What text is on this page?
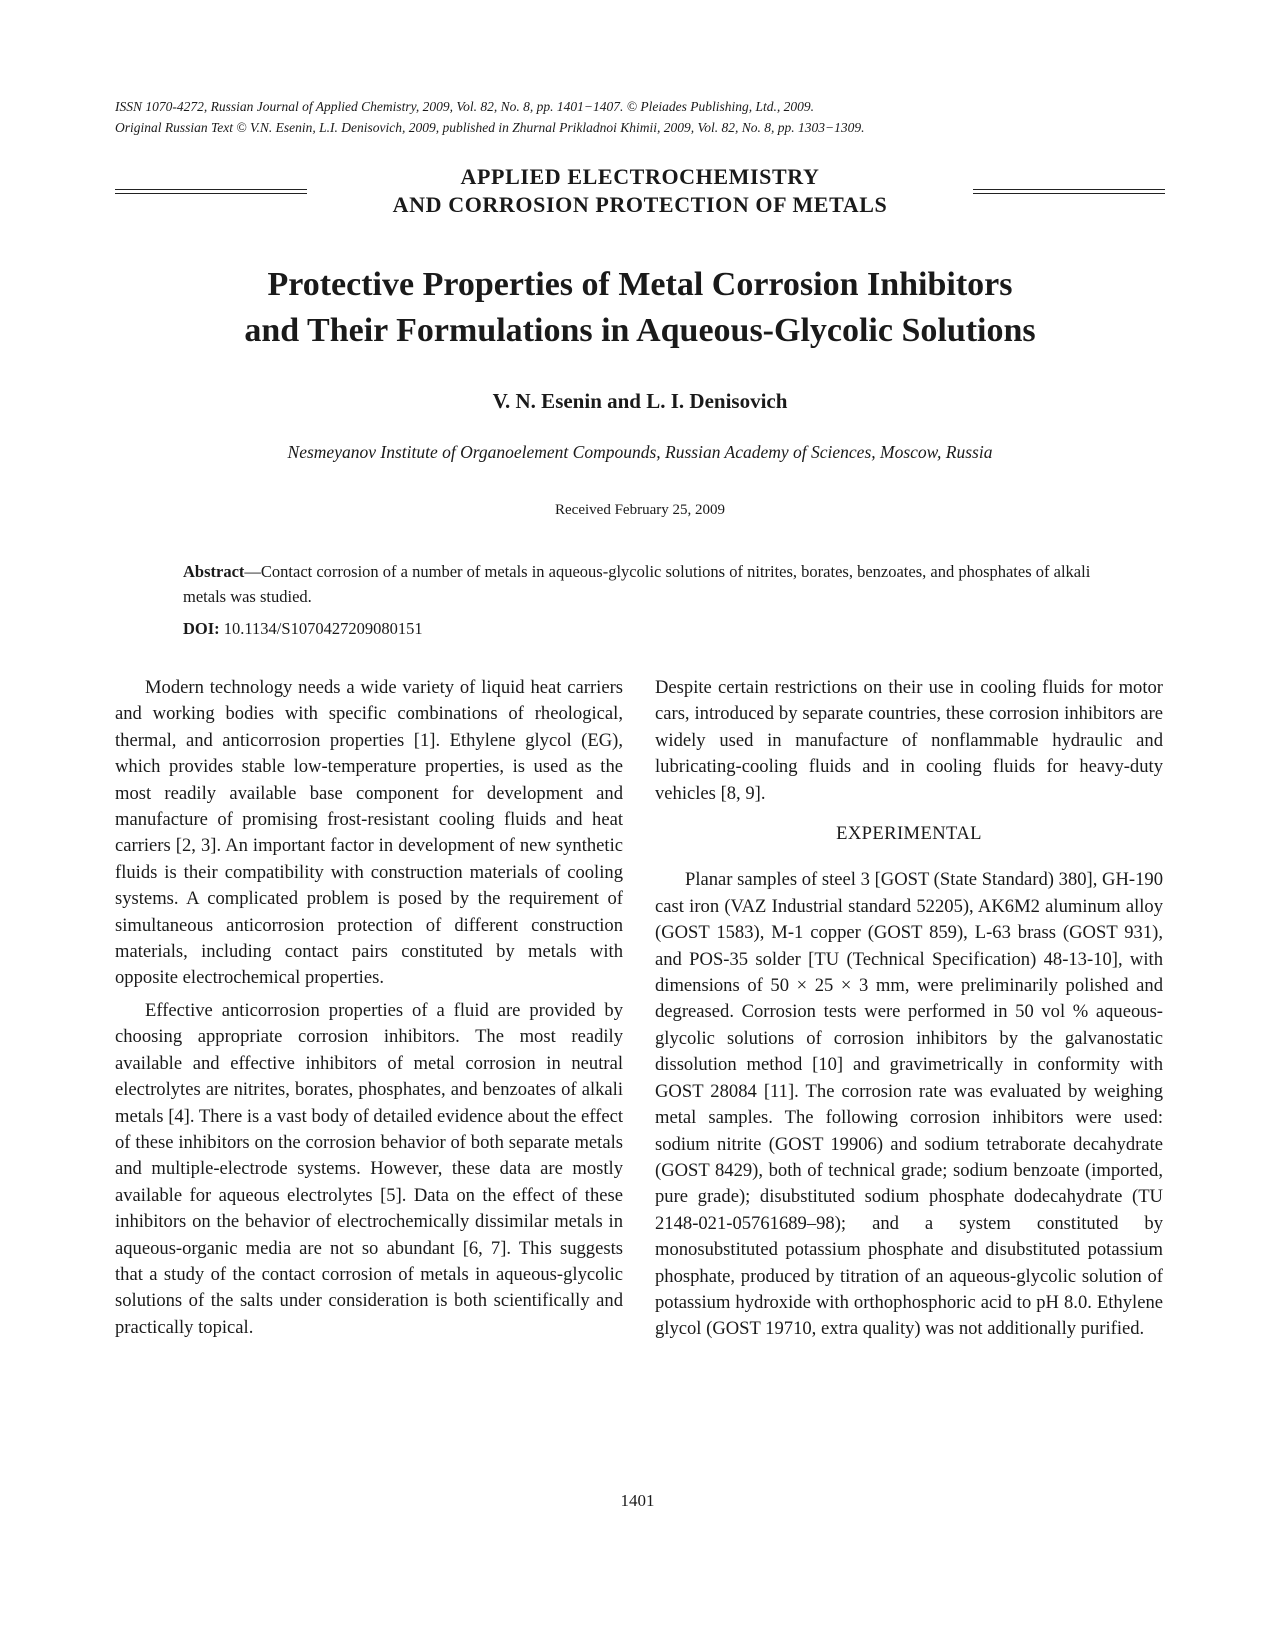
ISSN 1070-4272, Russian Journal of Applied Chemistry, 2009, Vol. 82, No. 8, pp. 1401−1407. © Pleiades Publishing, Ltd., 2009.
Original Russian Text © V.N. Esenin, L.I. Denisovich, 2009, published in Zhurnal Prikladnoi Khimii, 2009, Vol. 82, No. 8, pp. 1303−1309.
APPLIED ELECTROCHEMISTRY
AND CORROSION PROTECTION OF METALS
Protective Properties of Metal Corrosion Inhibitors
and Their Formulations in Aqueous-Glycolic Solutions
V. N. Esenin and L. I. Denisovich
Nesmeyanov Institute of Organoelement Compounds, Russian Academy of Sciences, Moscow, Russia
Received February 25, 2009
Abstract—Contact corrosion of a number of metals in aqueous-glycolic solutions of nitrites, borates, benzoates, and phosphates of alkali metals was studied.
DOI: 10.1134/S1070427209080151

Modern technology needs a wide variety of liquid heat carriers and working bodies with specific combinations of rheological, thermal, and anticorrosion properties [1]. Ethylene glycol (EG), which provides stable low-temperature properties, is used as the most readily available base component for development and manufacture of promising frost-resistant cooling fluids and heat carriers [2, 3]. An important factor in development of new synthetic fluids is their compatibility with construction materials of cooling systems. A complicated problem is posed by the requirement of simultaneous anticorrosion protection of different construction materials, including contact pairs constituted by metals with opposite electrochemical properties.

Effective anticorrosion properties of a fluid are provided by choosing appropriate corrosion inhibitors. The most readily available and effective inhibitors of metal corrosion in neutral electrolytes are nitrites, borates, phosphates, and benzoates of alkali metals [4]. There is a vast body of detailed evidence about the effect of these inhibitors on the corrosion behavior of both separate metals and multiple-electrode systems. However, these data are mostly available for aqueous electrolytes [5]. Data on the effect of these inhibitors on the behavior of electrochemically dissimilar metals in aqueous-organic media are not so abundant [6, 7]. This suggests that a study of the contact corrosion of metals in aqueous-glycolic solutions of the salts under consideration is both scientifically and practically topical.

Despite certain restrictions on their use in cooling fluids for motor cars, introduced by separate countries, these corrosion inhibitors are widely used in manufacture of nonflammable hydraulic and lubricating-cooling fluids and in cooling fluids for heavy-duty vehicles [8, 9].

EXPERIMENTAL

Planar samples of steel 3 [GOST (State Standard) 380], GH-190 cast iron (VAZ Industrial standard 52205), AK6M2 aluminum alloy (GOST 1583), M-1 copper (GOST 859), L-63 brass (GOST 931), and POS-35 solder [TU (Technical Specification) 48-13-10], with dimensions of 50 × 25 × 3 mm, were preliminarily polished and degreased. Corrosion tests were performed in 50 vol % aqueous-glycolic solutions of corrosion inhibitors by the galvanostatic dissolution method [10] and gravimetrically in conformity with GOST 28084 [11]. The corrosion rate was evaluated by weighing metal samples. The following corrosion inhibitors were used: sodium nitrite (GOST 19906) and sodium tetraborate decahydrate (GOST 8429), both of technical grade; sodium benzoate (imported, pure grade); disubstituted sodium phosphate dodecahydrate (TU 2148-021-05761689–98); and a system constituted by monosubstituted potassium phosphate and disubstituted potassium phosphate, produced by titration of an aqueous-glycolic solution of potassium hydroxide with orthophosphoric acid to pH 8.0. Ethylene glycol (GOST 19710, extra quality) was not additionally purified.

1401
